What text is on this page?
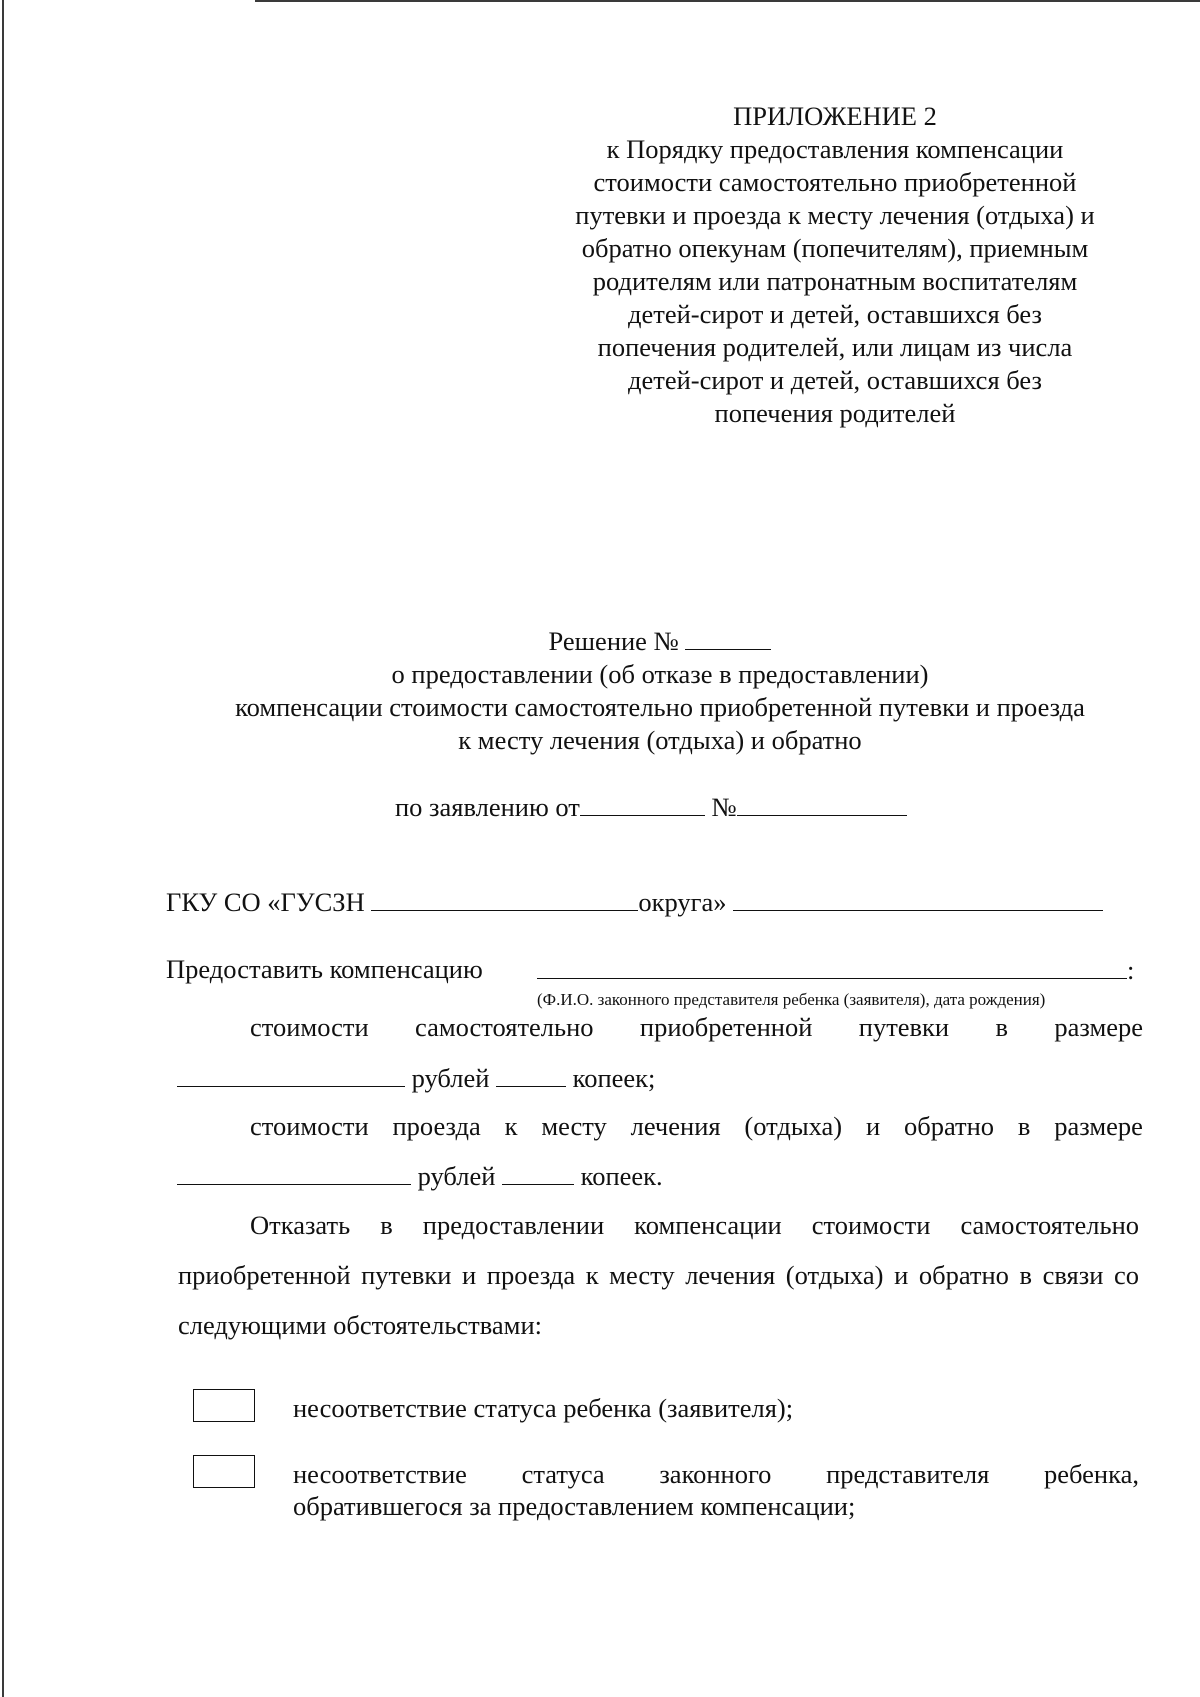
ПРИЛОЖЕНИЕ 2
к Порядку предоставления компенсации
стоимости самостоятельно приобретенной
путевки и проезда к месту лечения (отдыха) и
обратно опекунам (попечителям), приемным
родителям или патронатным воспитателям
детей-сирот и детей, оставшихся без
попечения родителей, или лицам из числа
детей-сирот и детей, оставшихся без
попечения родителей
Решение №
о предоставлении (об отказе в предоставлении)
компенсации стоимости самостоятельно приобретенной путевки и проезда
к месту лечения (отдыха) и обратно
по заявлению от	№
ГКУ СО «ГУСЗН	округа»
Предоставить компенсацию	:
(Ф.И.О. законного представителя ребенка (заявителя), дата рождения)
стоимости самостоятельно приобретенной путевки в размере
рублей	копеек;
стоимости проезда к месту лечения (отдыха) и обратно в размере
рублей	копеек.
Отказать в предоставлении компенсации стоимости самостоятельно приобретенной путевки и проезда к месту лечения (отдыха) и обратно в связи со следующими обстоятельствами:
несоответствие статуса ребенка (заявителя);
несоответствие статуса законного представителя ребенка,
обратившегося за предоставлением компенсации;
